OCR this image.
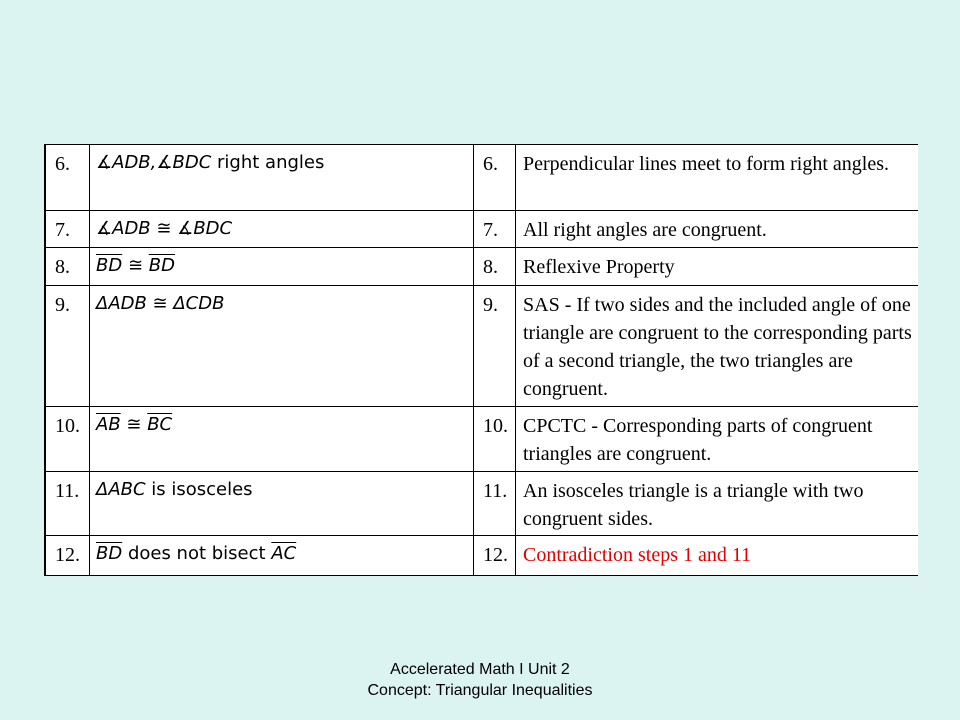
6. ∡ADB,∡BDC right angles	6. Perpendicular lines meet to form right angles.
7. ∡ADB ≅ ∡BDC	7. All right angles are congruent.
8. $\overline{BD}$ ≅ $\overline{BD}$	8. Reflexive Property
9. ΔADB ≅ ΔCDB	9. SAS - If two sides and the included angle of one triangle are congruent to the corresponding parts of a second triangle, the two triangles are congruent.
10. $\overline{AB}$ ≅ $\overline{BC}$	10. CPCTC - Corresponding parts of congruent triangles are congruent.
11. ΔABC is isosceles	11. An isosceles triangle is a triangle with two congruent sides.
12. $\overline{BD}$ does not bisect $\overline{AC}$	12. Contradiction steps 1 and 11
Accelerated Math I Unit 2
Concept: Triangular Inequalities
